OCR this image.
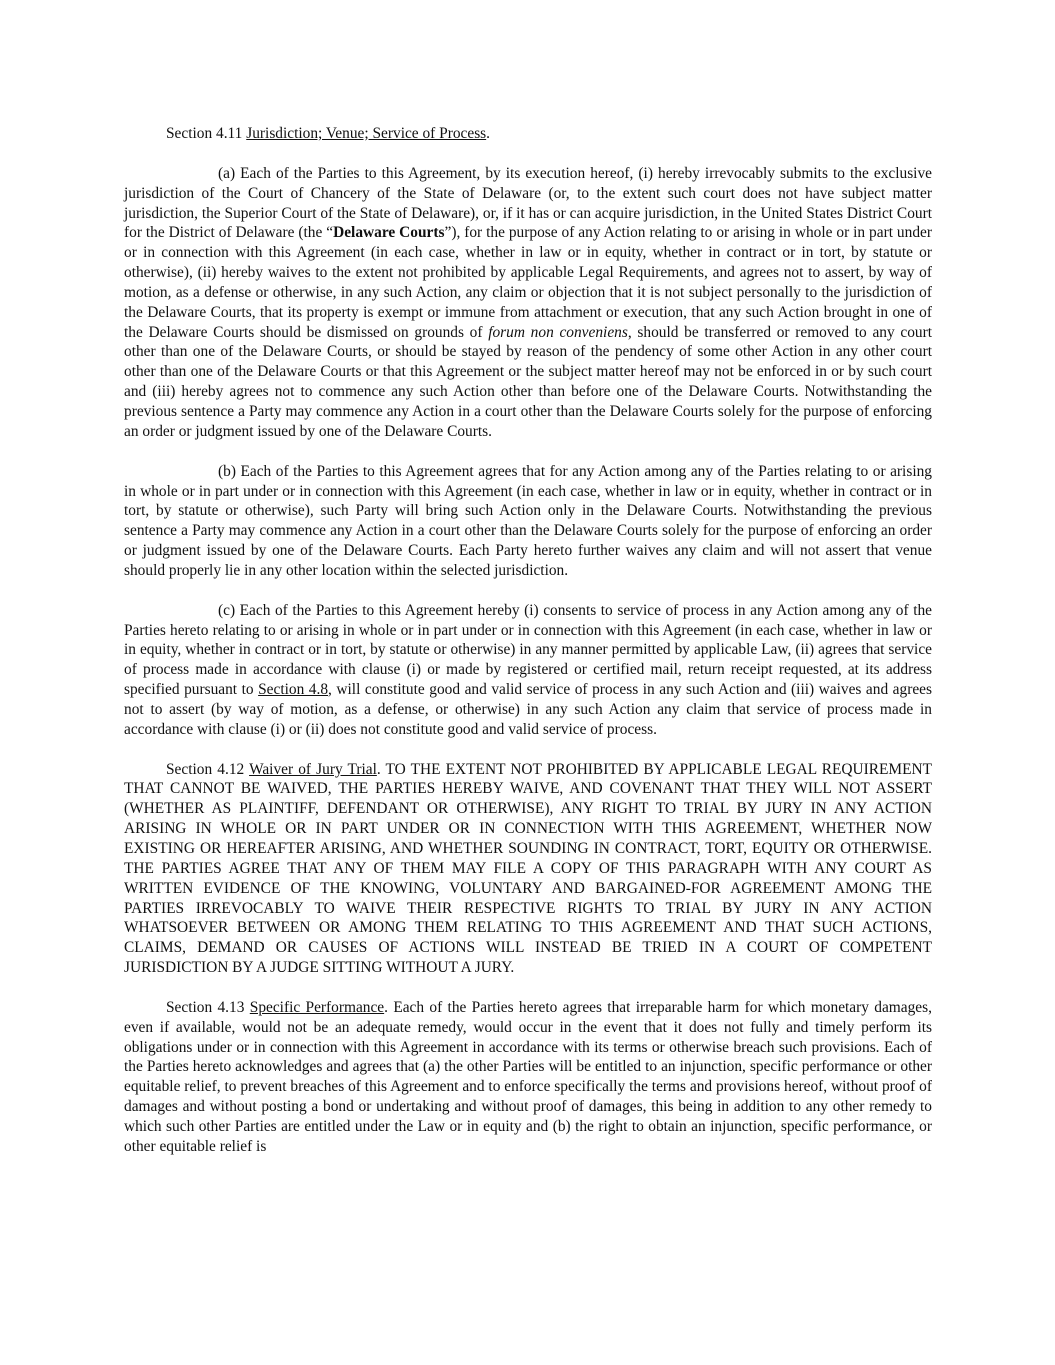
Section 4.11 Jurisdiction; Venue; Service of Process.

(a) Each of the Parties to this Agreement, by its execution hereof, (i) hereby irrevocably submits to the exclusive jurisdiction of the Court of Chancery of the State of Delaware (or, to the extent such court does not have subject matter jurisdiction, the Superior Court of the State of Delaware), or, if it has or can acquire jurisdiction, in the United States District Court for the District of Delaware (the “Delaware Courts”), for the purpose of any Action relating to or arising in whole or in part under or in connection with this Agreement (in each case, whether in law or in equity, whether in contract or in tort, by statute or otherwise), (ii) hereby waives to the extent not prohibited by applicable Legal Requirements, and agrees not to assert, by way of motion, as a defense or otherwise, in any such Action, any claim or objection that it is not subject personally to the jurisdiction of the Delaware Courts, that its property is exempt or immune from attachment or execution, that any such Action brought in one of the Delaware Courts should be dismissed on grounds of forum non conveniens, should be transferred or removed to any court other than one of the Delaware Courts, or should be stayed by reason of the pendency of some other Action in any other court other than one of the Delaware Courts or that this Agreement or the subject matter hereof may not be enforced in or by such court and (iii) hereby agrees not to commence any such Action other than before one of the Delaware Courts. Notwithstanding the previous sentence a Party may commence any Action in a court other than the Delaware Courts solely for the purpose of enforcing an order or judgment issued by one of the Delaware Courts.

(b) Each of the Parties to this Agreement agrees that for any Action among any of the Parties relating to or arising in whole or in part under or in connection with this Agreement (in each case, whether in law or in equity, whether in contract or in tort, by statute or otherwise), such Party will bring such Action only in the Delaware Courts. Notwithstanding the previous sentence a Party may commence any Action in a court other than the Delaware Courts solely for the purpose of enforcing an order or judgment issued by one of the Delaware Courts. Each Party hereto further waives any claim and will not assert that venue should properly lie in any other location within the selected jurisdiction.

(c) Each of the Parties to this Agreement hereby (i) consents to service of process in any Action among any of the Parties hereto relating to or arising in whole or in part under or in connection with this Agreement (in each case, whether in law or in equity, whether in contract or in tort, by statute or otherwise) in any manner permitted by applicable Law, (ii) agrees that service of process made in accordance with clause (i) or made by registered or certified mail, return receipt requested, at its address specified pursuant to Section 4.8, will constitute good and valid service of process in any such Action and (iii) waives and agrees not to assert (by way of motion, as a defense, or otherwise) in any such Action any claim that service of process made in accordance with clause (i) or (ii) does not constitute good and valid service of process.

Section 4.12 Waiver of Jury Trial. TO THE EXTENT NOT PROHIBITED BY APPLICABLE LEGAL REQUIREMENT THAT CANNOT BE WAIVED, THE PARTIES HEREBY WAIVE, AND COVENANT THAT THEY WILL NOT ASSERT (WHETHER AS PLAINTIFF, DEFENDANT OR OTHERWISE), ANY RIGHT TO TRIAL BY JURY IN ANY ACTION ARISING IN WHOLE OR IN PART UNDER OR IN CONNECTION WITH THIS AGREEMENT, WHETHER NOW EXISTING OR HEREAFTER ARISING, AND WHETHER SOUNDING IN CONTRACT, TORT, EQUITY OR OTHERWISE. THE PARTIES AGREE THAT ANY OF THEM MAY FILE A COPY OF THIS PARAGRAPH WITH ANY COURT AS WRITTEN EVIDENCE OF THE KNOWING, VOLUNTARY AND BARGAINED-FOR AGREEMENT AMONG THE PARTIES IRREVOCABLY TO WAIVE THEIR RESPECTIVE RIGHTS TO TRIAL BY JURY IN ANY ACTION WHATSOEVER BETWEEN OR AMONG THEM RELATING TO THIS AGREEMENT AND THAT SUCH ACTIONS, CLAIMS, DEMAND OR CAUSES OF ACTIONS WILL INSTEAD BE TRIED IN A COURT OF COMPETENT JURISDICTION BY A JUDGE SITTING WITHOUT A JURY.

Section 4.13 Specific Performance. Each of the Parties hereto agrees that irreparable harm for which monetary damages, even if available, would not be an adequate remedy, would occur in the event that it does not fully and timely perform its obligations under or in connection with this Agreement in accordance with its terms or otherwise breach such provisions. Each of the Parties hereto acknowledges and agrees that (a) the other Parties will be entitled to an injunction, specific performance or other equitable relief, to prevent breaches of this Agreement and to enforce specifically the terms and provisions hereof, without proof of damages and without posting a bond or undertaking and without proof of damages, this being in addition to any other remedy to which such other Parties are entitled under the Law or in equity and (b) the right to obtain an injunction, specific performance, or other equitable relief is
